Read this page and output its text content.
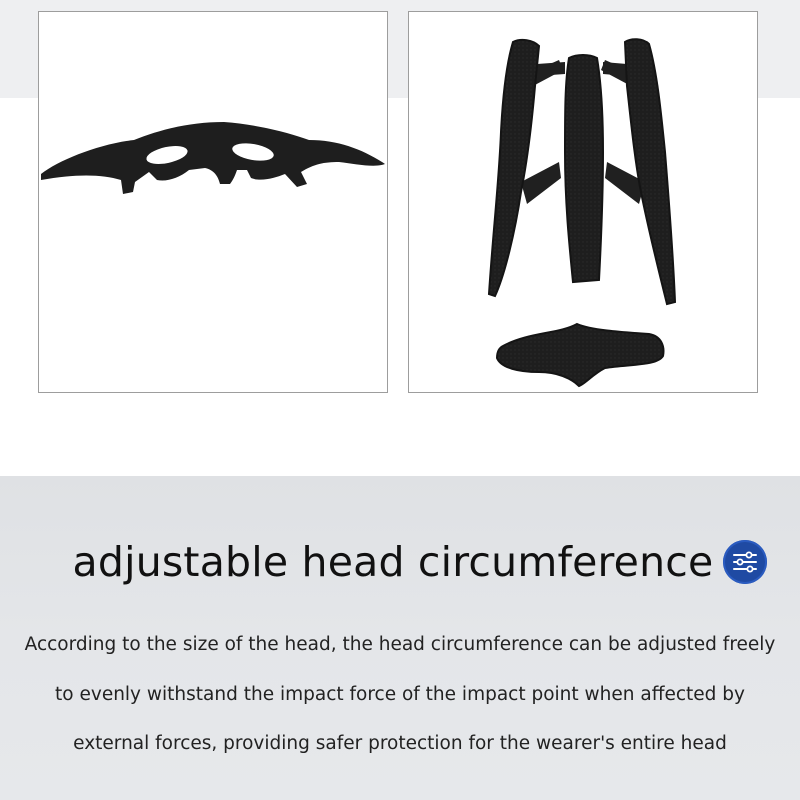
adjustable head circumference
According to the size of the head, the head circumference can be adjusted freely
to evenly withstand the impact force of the impact point when affected by
external forces, providing safer protection for the wearer's entire head
